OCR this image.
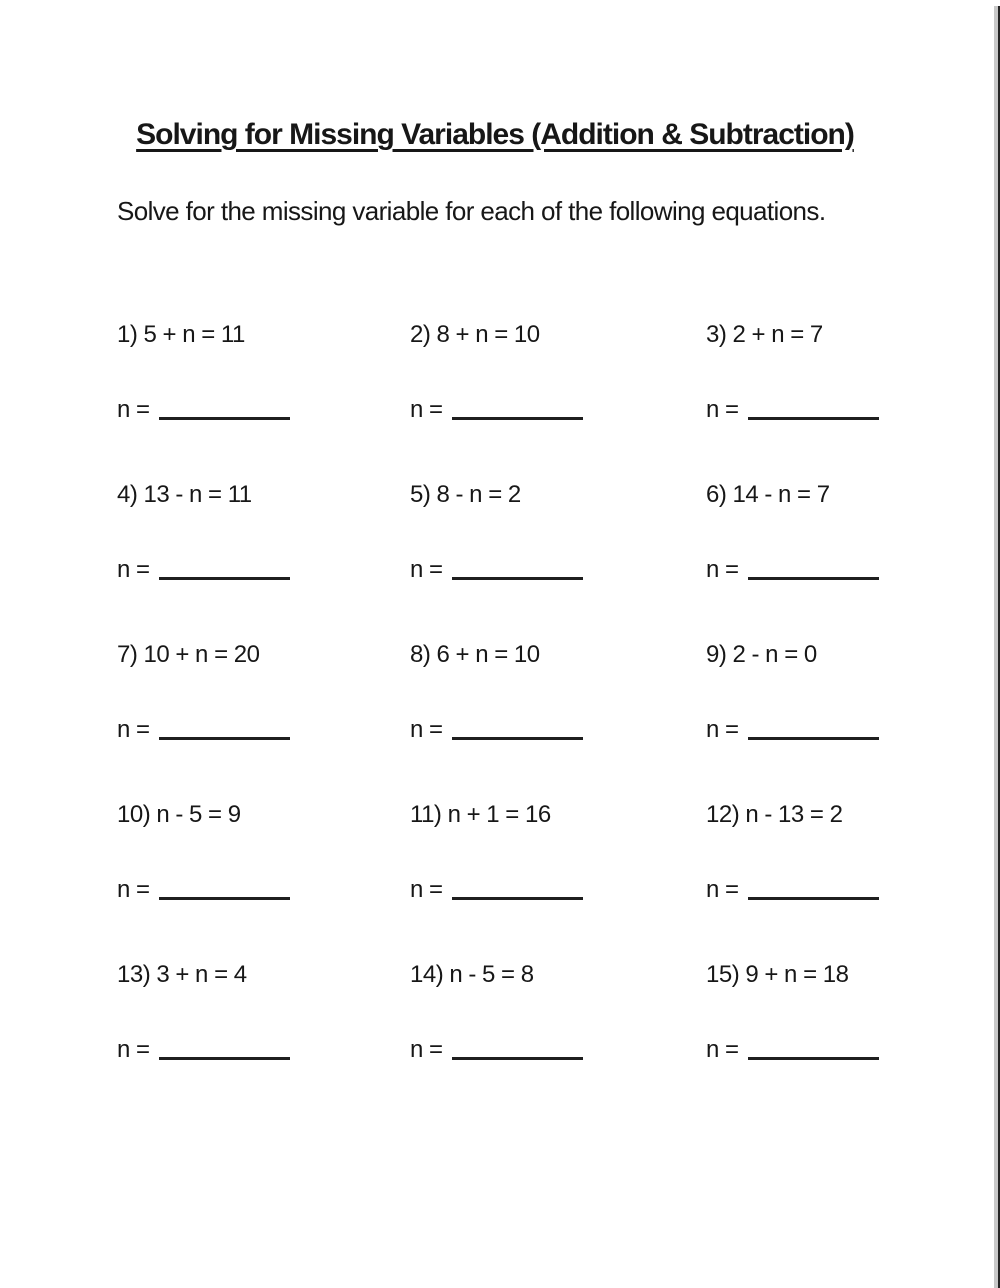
Solving for Missing Variables (Addition & Subtraction)
Solve for the missing variable for each of the following equations.
1) 5 + n = 11
n =
2) 8 + n = 10
n =
3) 2 + n = 7
n =
4) 13 - n = 11
n =
5) 8 - n = 2
n =
6) 14 - n = 7
n =
7) 10 + n = 20
n =
8) 6 + n = 10
n =
9) 2 - n = 0
n =
10) n - 5 = 9
n =
11) n + 1 = 16
n =
12) n - 13 = 2
n =
13) 3 + n = 4
n =
14) n - 5 = 8
n =
15) 9 + n = 18
n =
